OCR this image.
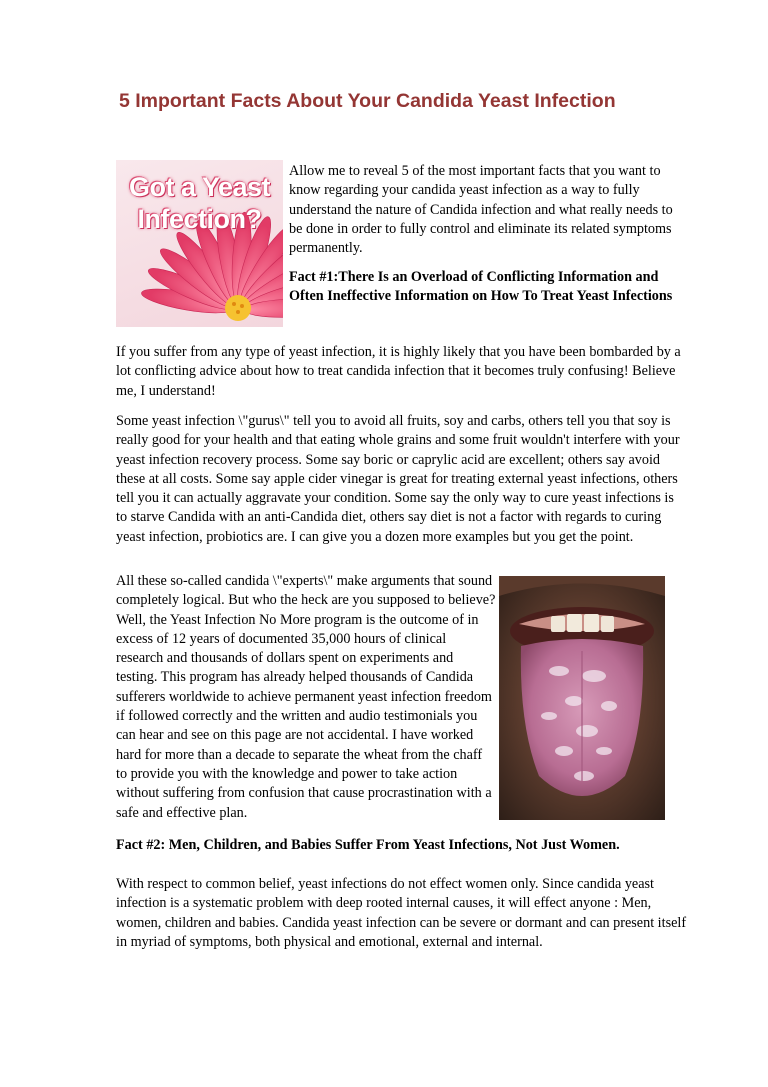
5 Important Facts About Your Candida Yeast Infection
Got a Yeast
Infection?
Allow me to reveal 5 of the most important facts that you want to know regarding your candida yeast infection as a way to fully understand the nature of Candida infection and what really needs to be done in order to fully control and eliminate its related symptoms permanently.
Fact #1:There Is an Overload of Conflicting Information and Often Ineffective Information on How To Treat Yeast Infections
If you suffer from any type of yeast infection, it is highly likely that you have been bombarded by a lot conflicting advice about how to treat candida infection that it becomes truly confusing! Believe me, I understand!
Some yeast infection \"gurus\" tell you to avoid all fruits, soy and carbs, others tell you that soy is really good for your health and that eating whole grains and some fruit wouldn't interfere with your yeast infection recovery process. Some say boric or caprylic acid are excellent; others say avoid these at all costs. Some say apple cider vinegar is great for treating external yeast infections, others tell you it can actually aggravate your condition. Some say the only way to cure yeast infections is to starve Candida with an anti-Candida diet, others say diet is not a factor with regards to curing yeast infection, probiotics are. I can give you a dozen more examples but you get the point.
All these so-called candida \"experts\" make arguments that sound completely logical. But who the heck are you supposed to believe? Well, the Yeast Infection No More program is the outcome of in excess of 12 years of documented 35,000 hours of clinical research and thousands of dollars spent on experiments and testing. This program has already helped thousands of Candida sufferers worldwide to achieve permanent yeast infection freedom if followed correctly and the written and audio testimonials you can hear and see on this page are not accidental. I have worked hard for more than a decade to separate the wheat from the chaff to provide you with the knowledge and power to take action without suffering from confusion that cause procrastination with a safe and effective plan.
Fact #2: Men, Children, and Babies Suffer From Yeast Infections, Not Just Women.
With respect to common belief, yeast infections do not effect women only. Since candida yeast infection is a systematic problem with deep rooted internal causes, it will effect anyone : Men, women, children and babies. Candida yeast infection can be severe or dormant and can present itself in myriad of symptoms, both physical and emotional, external and internal.
